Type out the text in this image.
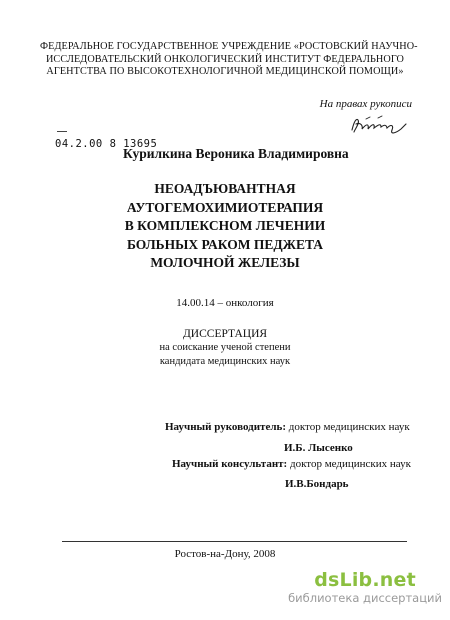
ФЕДЕРАЛЬНОЕ ГОСУДАРСТВЕННОЕ УЧРЕЖДЕНИЕ «РОСТОВСКИЙ НАУЧНО-
ИССЛЕДОВАТЕЛЬСКИЙ ОНКОЛОГИЧЕСКИЙ ИНСТИТУТ ФЕДЕРАЛЬНОГО
АГЕНТСТВА ПО ВЫСОКОТЕХНОЛОГИЧНОЙ МЕДИЦИНСКОЙ ПОМОЩИ»
На правах рукописи
04.2.00 8 13695
Курилкина Вероника Владимировна
НЕОАДЪЮВАНТНАЯ
АУТОГЕМОХИМИОТЕРАПИЯ
В КОМПЛЕКСНОМ ЛЕЧЕНИИ
БОЛЬНЫХ РАКОМ ПЕДЖЕТА
МОЛОЧНОЙ ЖЕЛЕЗЫ
14.00.14 – онкология
ДИССЕРТАЦИЯ
на соискание ученой степени
кандидата медицинских наук
Научный руководитель: доктор медицинских наук
И.Б. Лысенко
Научный консультант: доктор медицинских наук
И.В.Бондарь
Ростов-на-Дону, 2008
dsLib.net
библиотека диссертаций
